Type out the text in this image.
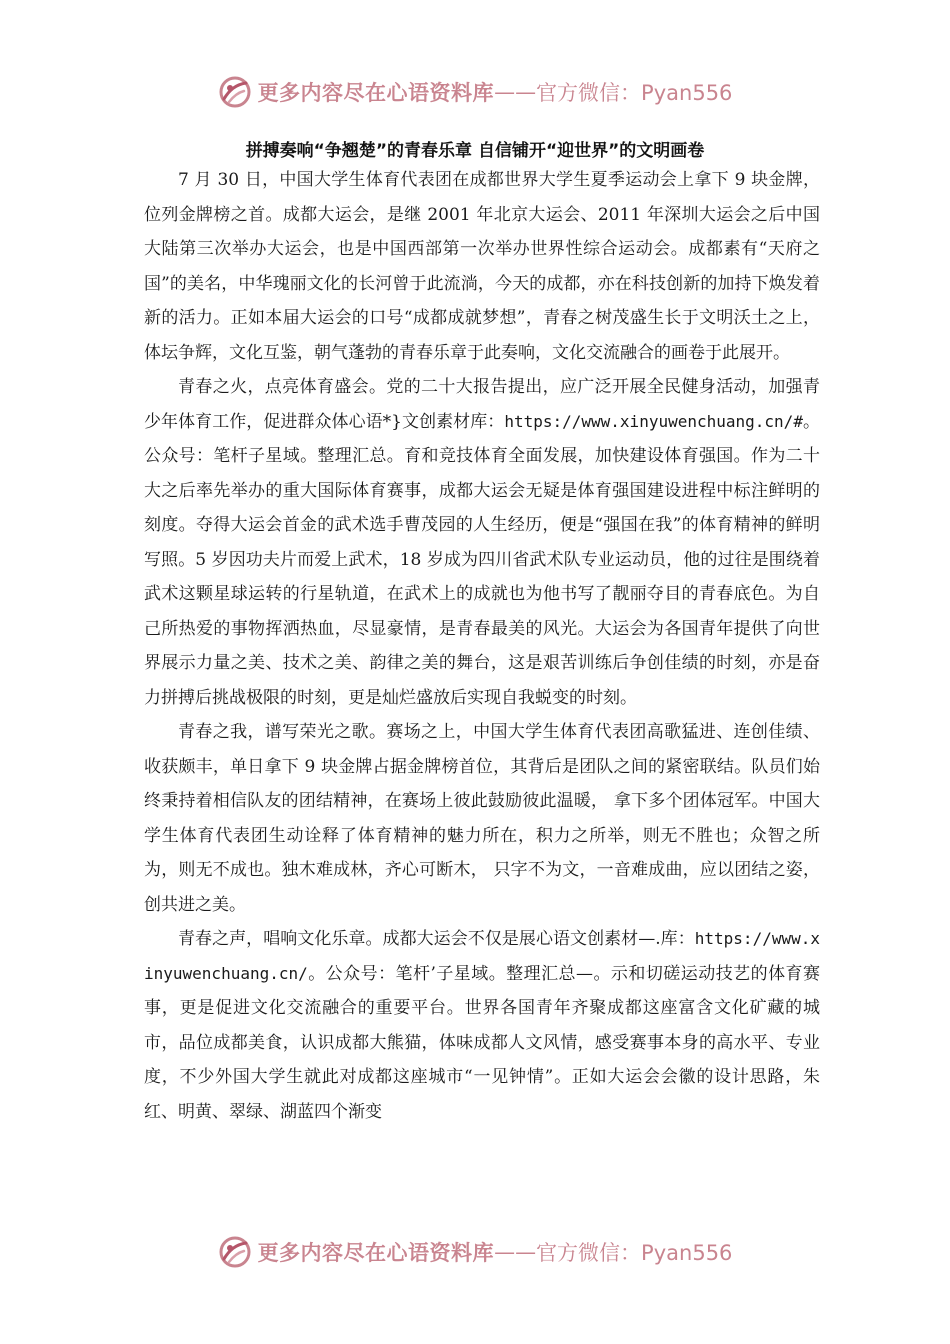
更多内容尽在心语资料库 —— 官方微信：Pyan556
拼搏奏响“争翘楚”的青春乐章 自信铺开“迎世界”的文明画卷

7 月 30 日，中国大学生体育代表团在成都世界大学生夏季运动会上拿下 9 块金牌，位列金牌榜之首。成都大运会，是继 2001 年北京大运会、2011 年深圳大运会之后中国大陆第三次举办大运会，也是中国西部第一次举办世界性综合运动会。成都素有“天府之国”的美名，中华瑰丽文化的长河曾于此流淌，今天的成都，亦在科技创新的加持下焕发着新的活力。正如本届大运会的口号“成都成就梦想”，青春之树茂盛生长于文明沃土之上，体坛争辉，文化互鉴，朝气蓬勃的青春乐章于此奏响，文化交流融合的画卷于此展开。

青春之火，点亮体育盛会。党的二十大报告提出，应广泛开展全民健身活动，加强青少年体育工作，促进群众体心语*}文创素材库：https://www.xinyuwenchuang.cn/#。公众号：笔杆子星域。整理汇总。育和竞技体育全面发展，加快建设体育强国。作为二十大之后率先举办的重大国际体育赛事，成都大运会无疑是体育强国建设进程中标注鲜明的刻度。夺得大运会首金的武术选手曹茂园的人生经历，便是“强国在我”的体育精神的鲜明写照。5 岁因功夫片而爱上武术，18 岁成为四川省武术队专业运动员，他的过往是围绕着武术这颗星球运转的行星轨道，在武术上的成就也为他书写了靓丽夺目的青春底色。为自己所热爱的事物挥洒热血，尽显豪情，是青春最美的风光。大运会为各国青年提供了向世界展示力量之美、技术之美、韵律之美的舞台，这是艰苦训练后争创佳绩的时刻，亦是奋力拼搏后挑战极限的时刻，更是灿烂盛放后实现自我蜕变的时刻。

青春之我，谱写荣光之歌。赛场之上，中国大学生体育代表团高歌猛进、连创佳绩、收获颇丰，单日拿下 9 块金牌占据金牌榜首位，其背后是团队之间的紧密联结。队员们始终秉持着相信队友的团结精神，在赛场上彼此鼓励彼此温暖， 拿下多个团体冠军。中国大学生体育代表团生动诠释了体育精神的魅力所在，积力之所举，则无不胜也；众智之所为，则无不成也。独木难成林，齐心可断木， 只字不为文，一音难成曲，应以团结之姿，创共进之美。

青春之声，唱响文化乐章。成都大运会不仅是展心语文创素材—.库：https://www.xinyuwenchuang.cn/。公众号：笔杆’子星域。整理汇总—。示和切磋运动技艺的体育赛事，更是促进文化交流融合的重要平台。世界各国青年齐聚成都这座富含文化矿藏的城市，品位成都美食，认识成都大熊猫，体味成都人文风情，感受赛事本身的高水平、专业度，不少外国大学生就此对成都这座城市“一见钟情”。正如大运会会徽的设计思路，朱红、明黄、翠绿、湖蓝四个渐变

更多内容尽在心语资料库 —— 官方微信：Pyan556
